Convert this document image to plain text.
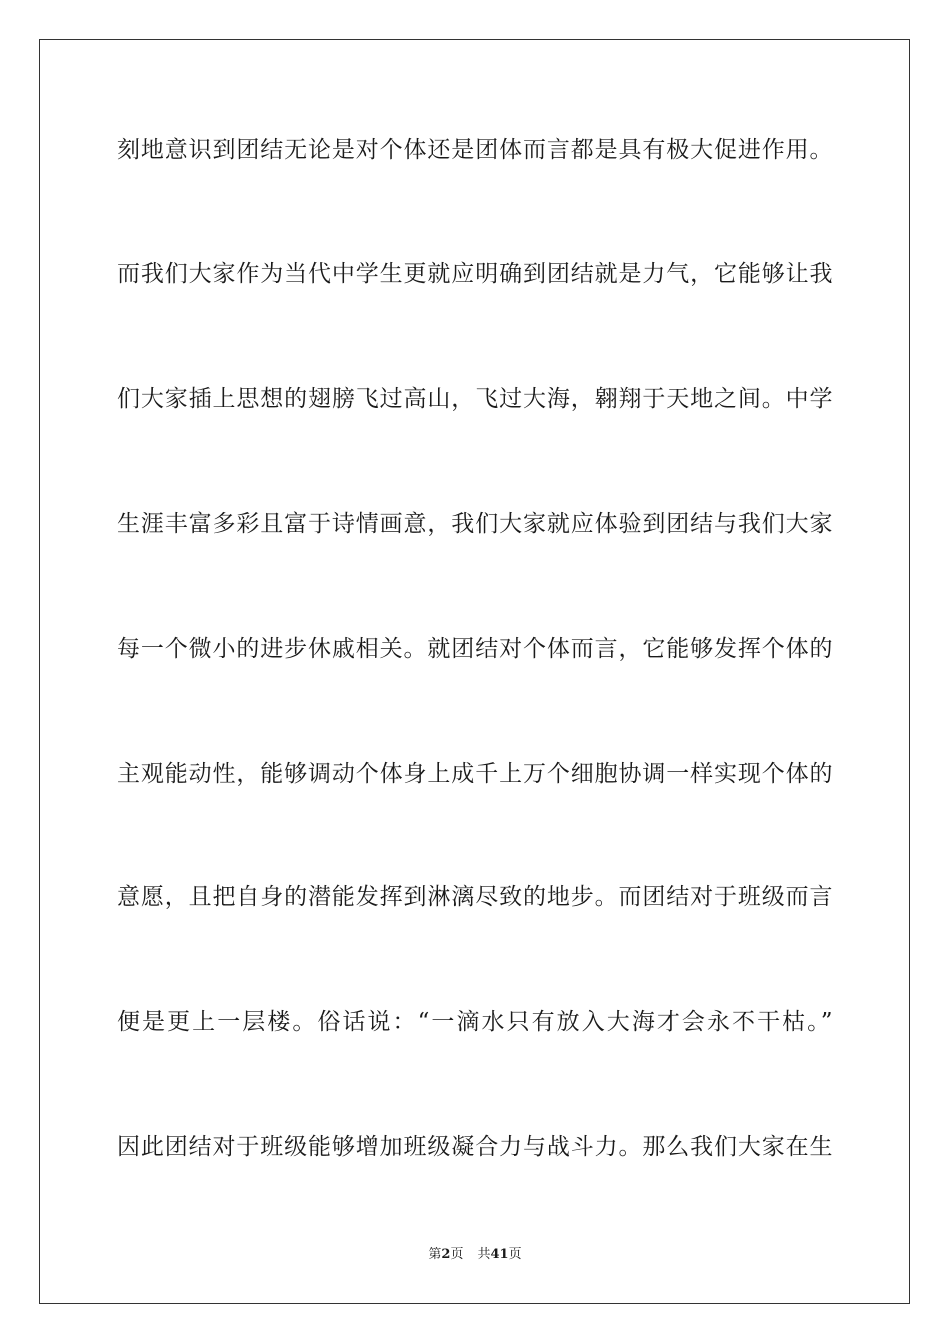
刻地意识到团结无论是对个体还是团体而言都是具有极大促进作用。

而我们大家作为当代中学生更就应明确到团结就是力气，它能够让我

们大家插上思想的翅膀飞过高山，飞过大海，翱翔于天地之间。中学

生涯丰富多彩且富于诗情画意，我们大家就应体验到团结与我们大家

每一个微小的进步休戚相关。就团结对个体而言，它能够发挥个体的

主观能动性，能够调动个体身上成千上万个细胞协调一样实现个体的

意愿，且把自身的潜能发挥到淋漓尽致的地步。而团结对于班级而言

便是更上一层楼。俗话说：“一滴水只有放入大海才会永不干枯。”

因此团结对于班级能够增加班级凝合力与战斗力。那么我们大家在生

第2页 共41页
